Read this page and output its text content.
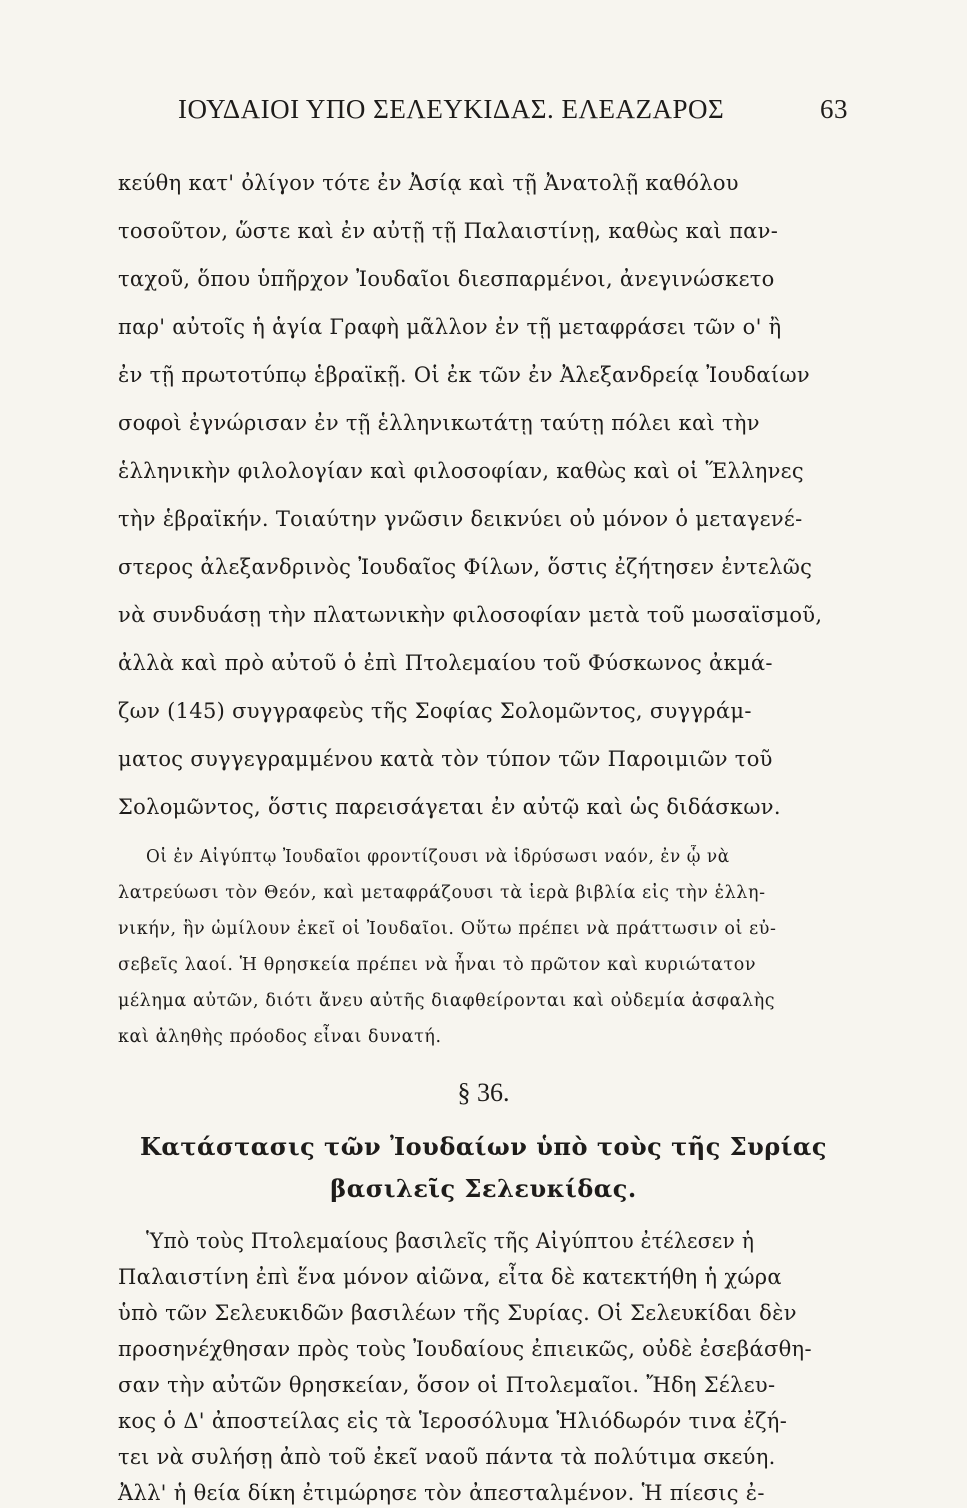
ΙΟΥΔΑΙΟΙ ΥΠΟ ΣΕΛΕΥΚΙΔΑΣ. ΕΛΕΑΖΑΡΟΣ	63
κεύθη κατ' ὀλίγον τότε ἐν Ἀσίᾳ καὶ τῇ Ἀνατολῇ καθόλου
τοσοῦτον, ὥστε καὶ ἐν αὐτῇ τῇ Παλαιστίνῃ, καθὼς καὶ παν-
ταχοῦ, ὅπου ὑπῆρχον Ἰουδαῖοι διεσπαρμένοι, ἀνεγινώσκετο
παρ' αὐτοῖς ἡ ἁγία Γραφὴ μᾶλλον ἐν τῇ μεταφράσει τῶν ο' ἢ
ἐν τῇ πρωτοτύπῳ ἑβραϊκῇ. Οἱ ἐκ τῶν ἐν Ἀλεξανδρείᾳ Ἰουδαίων
σοφοὶ ἐγνώρισαν ἐν τῇ ἑλληνικωτάτῃ ταύτῃ πόλει καὶ τὴν
ἑλληνικὴν φιλολογίαν καὶ φιλοσοφίαν, καθὼς καὶ οἱ Ἕλληνες
τὴν ἑβραϊκήν. Τοιαύτην γνῶσιν δεικνύει οὐ μόνον ὁ μεταγενέ-
στερος ἀλεξανδρινὸς Ἰουδαῖος Φίλων, ὅστις ἐζήτησεν ἐντελῶς
νὰ συνδυάσῃ τὴν πλατωνικὴν φιλοσοφίαν μετὰ τοῦ μωσαϊσμοῦ,
ἀλλὰ καὶ πρὸ αὐτοῦ ὁ ἐπὶ Πτολεμαίου τοῦ Φύσκωνος ἀκμά-
ζων (145) συγγραφεὺς τῆς Σοφίας Σολομῶντος, συγγράμ-
ματος συγγεγραμμένου κατὰ τὸν τύπον τῶν Παροιμιῶν τοῦ
Σολομῶντος, ὅστις παρεισάγεται ἐν αὐτῷ καὶ ὡς διδάσκων.
Οἱ ἐν Αἰγύπτῳ Ἰουδαῖοι φροντίζουσι νὰ ἱδρύσωσι ναόν, ἐν ᾧ νὰ
λατρεύωσι τὸν Θεόν, καὶ μεταφράζουσι τὰ ἱερὰ βιβλία εἰς τὴν ἑλλη-
νικήν, ἣν ὡμίλουν ἐκεῖ οἱ Ἰουδαῖοι. Οὕτω πρέπει νὰ πράττωσιν οἱ εὐ-
σεβεῖς λαοί. Ἡ θρησκεία πρέπει νὰ ἦναι τὸ πρῶτον καὶ κυριώτατον
μέλημα αὐτῶν, διότι ἄνευ αὐτῆς διαφθείρονται καὶ οὐδεμία ἀσφαλὴς
καὶ ἀληθὴς πρόοδος εἶναι δυνατή.
§ 36.
Κατάστασις τῶν Ἰουδαίων ὑπὸ τοὺς τῆς Συρίας
βασιλεῖς Σελευκίδας.
Ὑπὸ τοὺς Πτολεμαίους βασιλεῖς τῆς Αἰγύπτου ἐτέλεσεν ἡ
Παλαιστίνη ἐπὶ ἕνα μόνον αἰῶνα, εἶτα δὲ κατεκτήθη ἡ χώρα
ὑπὸ τῶν Σελευκιδῶν βασιλέων τῆς Συρίας. Οἱ Σελευκίδαι δὲν
προσηνέχθησαν πρὸς τοὺς Ἰουδαίους ἐπιεικῶς, οὐδὲ ἐσεβάσθη-
σαν τὴν αὐτῶν θρησκείαν, ὅσον οἱ Πτολεμαῖοι. Ἤδη Σέλευ-
κος ὁ Δ' ἀποστείλας εἰς τὰ Ἱεροσόλυμα Ἡλιόδωρόν τινα ἐζή-
τει νὰ συλήσῃ ἀπὸ τοῦ ἐκεῖ ναοῦ πάντα τὰ πολύτιμα σκεύη.
Ἀλλ' ἡ θεία δίκη ἐτιμώρησε τὸν ἀπεσταλμένον. Ἡ πίεσις ἐ-
